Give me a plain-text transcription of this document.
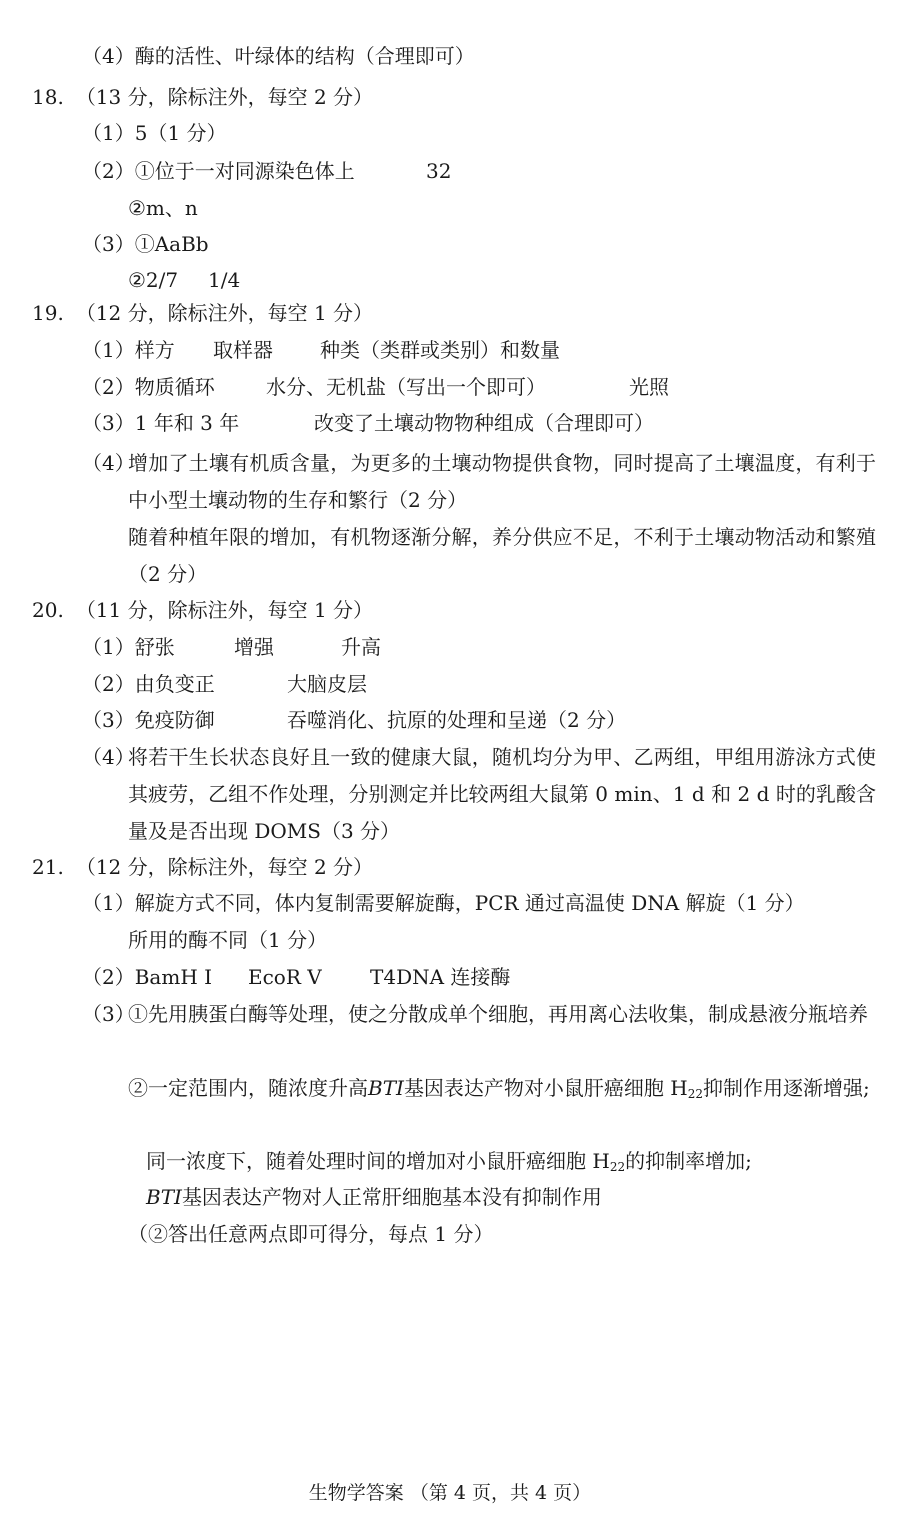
（4）酶的活性、叶绿体的结构（合理即可）
18. （13 分，除标注外，每空 2 分）
（1）5（1 分）
（2）①位于一对同源染色体上	32
②m、n
（3）①AaBb
②2/7 1/4
19. （12 分，除标注外，每空 1 分）
（1）样方 取样器 种类（类群或类别）和数量
（2）物质循环	水分、无机盐（写出一个即可）	光照
（3）1 年和 3 年	改变了土壤动物物种组成（合理即可）
（4）
增加了土壤有机质含量，为更多的土壤动物提供食物，同时提高了土壤温度，有利于中小型土壤动物的生存和繁行（2 分）
随着种植年限的增加，有机物逐渐分解，养分供应不足，不利于土壤动物活动和繁殖（2 分）
20. （11 分，除标注外，每空 1 分）
（1）舒张	增强	升高
（2）由负变正	大脑皮层
（3）免疫防御	吞噬消化、抗原的处理和呈递（2 分）
（4）
将若干生长状态良好且一致的健康大鼠，随机均分为甲、乙两组，甲组用游泳方式使其疲劳，乙组不作处理，分别测定并比较两组大鼠第 0 min、1 d 和 2 d 时的乳酸含量及是否出现 DOMS（3 分）
21. （12 分，除标注外，每空 2 分）
（1）解旋方式不同，体内复制需要解旋酶，PCR 通过高温使 DNA 解旋（1 分）
所用的酶不同（1 分）
（2）BamH I EcoR V T4DNA 连接酶
（3）
①先用胰蛋白酶等处理，使之分散成单个细胞，再用离心法收集，制成悬液分瓶培养
②一定范围内，随浓度升高BTI基因表达产物对小鼠肝癌细胞 $H_{22}$抑制作用逐渐增强;
同一浓度下，随着处理时间的增加对小鼠肝癌细胞 $H_{22}$的抑制率增加;
BTI基因表达产物对人正常肝细胞基本没有抑制作用
（②答出任意两点即可得分，每点 1 分）
生物学答案 （第 4 页，共 4 页）
